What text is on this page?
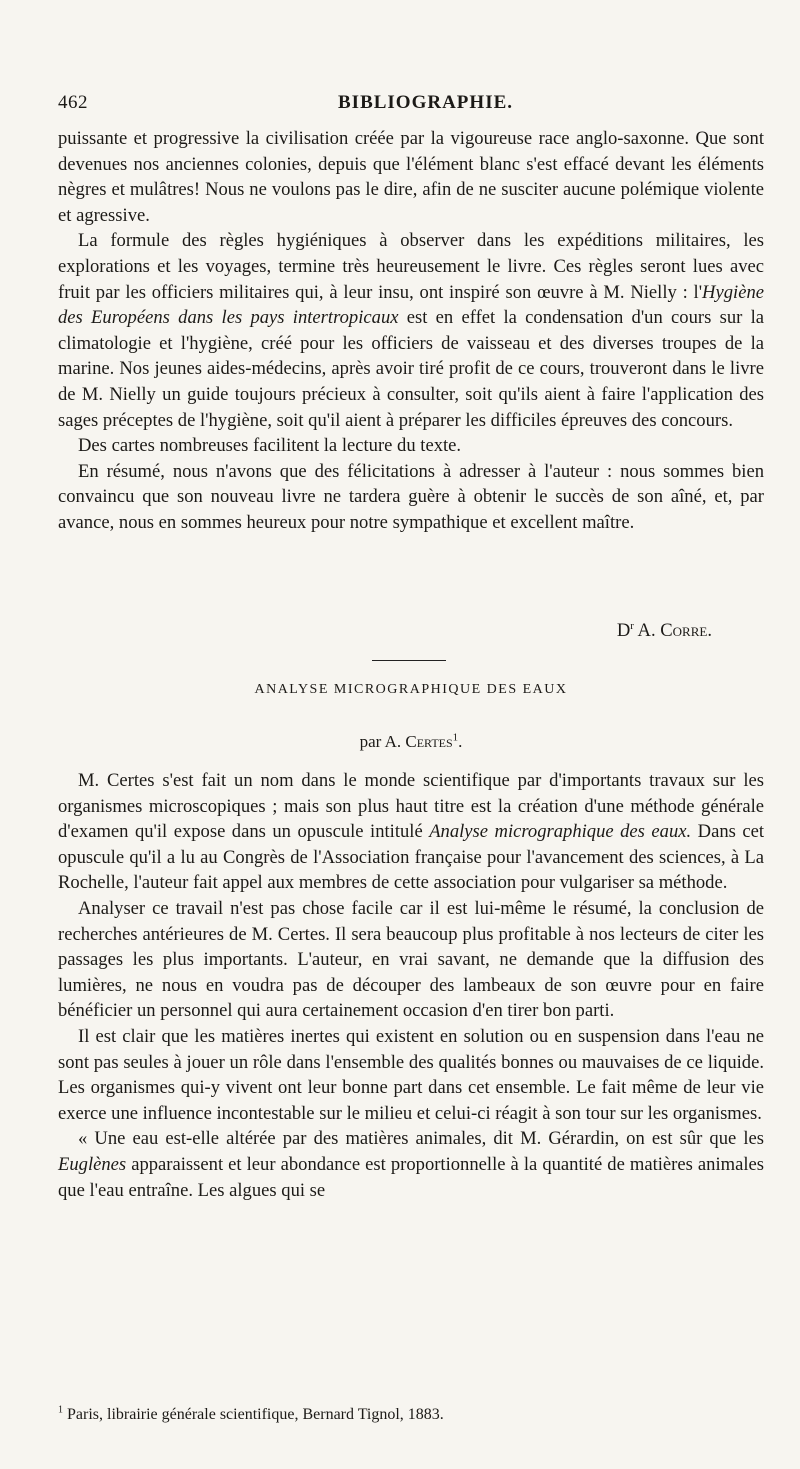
462	BIBLIOGRAPHIE.

puissante et progressive la civilisation créée par la vigoureuse race anglo-saxonne. Que sont devenues nos anciennes colonies, depuis que l'élément blanc s'est effacé devant les éléments nègres et mulâtres! Nous ne voulons pas le dire, afin de ne susciter aucune polémique violente et agressive.

La formule des règles hygiéniques à observer dans les expéditions militaires, les explorations et les voyages, termine très heureusement le livre. Ces règles seront lues avec fruit par les officiers militaires qui, à leur insu, ont inspiré son œuvre à M. Nielly : l'Hygiène des Européens dans les pays intertropicaux est en effet la condensation d'un cours sur la climatologie et l'hygiène, créé pour les officiers de vaisseau et des diverses troupes de la marine. Nos jeunes aides-médecins, après avoir tiré profit de ce cours, trouveront dans le livre de M. Nielly un guide toujours précieux à consulter, soit qu'ils aient à faire l'application des sages préceptes de l'hygiène, soit qu'il aient à préparer les difficiles épreuves des concours.

Des cartes nombreuses facilitent la lecture du texte.

En résumé, nous n'avons que des félicitations à adresser à l'auteur : nous sommes bien convaincu que son nouveau livre ne tardera guère à obtenir le succès de son aîné, et, par avance, nous en sommes heureux pour notre sympathique et excellent maître.

$D^r$ A. Corre.
ANALYSE MICROGRAPHIQUE DES EAUX
par A. Certes$^1$.

M. Certes s'est fait un nom dans le monde scientifique par d'importants travaux sur les organismes microscopiques ; mais son plus haut titre est la création d'une méthode générale d'examen qu'il expose dans un opuscule intitulé Analyse micrographique des eaux. Dans cet opuscule qu'il a lu au Congrès de l'Association française pour l'avancement des sciences, à La Rochelle, l'auteur fait appel aux membres de cette association pour vulgariser sa méthode.

Analyser ce travail n'est pas chose facile car il est lui-même le résumé, la conclusion de recherches antérieures de M. Certes. Il sera beaucoup plus profitable à nos lecteurs de citer les passages les plus importants. L'auteur, en vrai savant, ne demande que la diffusion des lumières, ne nous en voudra pas de découper des lambeaux de son œuvre pour en faire bénéficier un personnel qui aura certainement occasion d'en tirer bon parti.

Il est clair que les matières inertes qui existent en solution ou en suspension dans l'eau ne sont pas seules à jouer un rôle dans l'ensemble des qualités bonnes ou mauvaises de ce liquide. Les organismes qui-y vivent ont leur bonne part dans cet ensemble. Le fait même de leur vie exerce une influence incontestable sur le milieu et celui-ci réagit à son tour sur les organismes.

« Une eau est-elle altérée par des matières animales, dit M. Gérardin, on est sûr que les Euglènes apparaissent et leur abondance est proportionnelle à la quantité de matières animales que l'eau entraîne. Les algues qui se

$^1$ Paris, librairie générale scientifique, Bernard Tignol, 1883.
